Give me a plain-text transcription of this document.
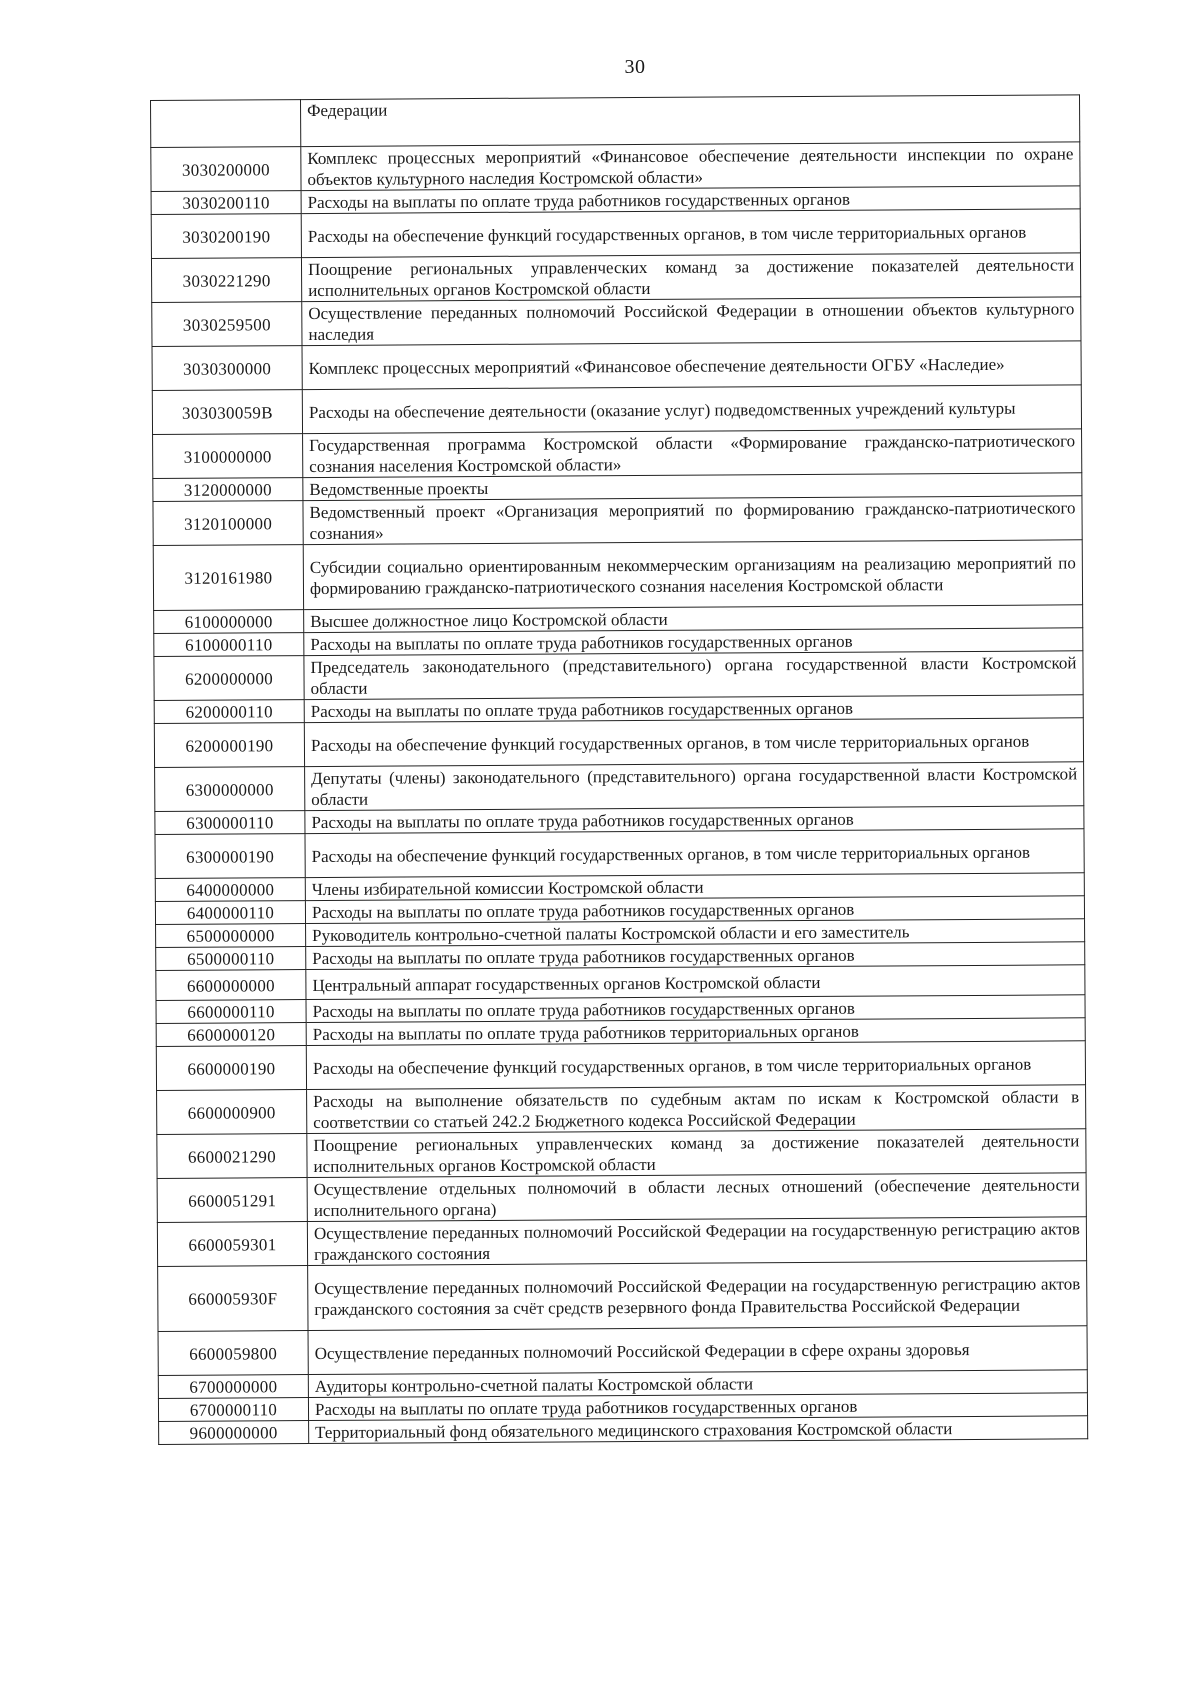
30
	Федерации
3030200000	Комплекс процессных мероприятий «Финансовое обеспечение деятельности инспекции по охране объектов культурного наследия Костромской области»
3030200110	Расходы на выплаты по оплате труда работников государственных органов
3030200190	Расходы на обеспечение функций государственных органов, в том числе территориальных органов
3030221290	Поощрение региональных управленческих команд за достижение показателей деятельности исполнительных органов Костромской области
3030259500	Осуществление переданных полномочий Российской Федерации в отношении объектов культурного наследия
3030300000	Комплекс процессных мероприятий «Финансовое обеспечение деятельности ОГБУ «Наследие»
303030059В	Расходы на обеспечение деятельности (оказание услуг) подведомственных учреждений культуры
3100000000	Государственная программа Костромской области «Формирование гражданско-патриотического сознания населения Костромской области»
3120000000	Ведомственные проекты
3120100000	Ведомственный проект «Организация мероприятий по формированию гражданско-патриотического сознания»
3120161980	Субсидии социально ориентированным некоммерческим организациям на реализацию мероприятий по формированию гражданско-патриотического сознания населения Костромской области
6100000000	Высшее должностное лицо Костромской области
6100000110	Расходы на выплаты по оплате труда работников государственных органов
6200000000	Председатель законодательного (представительного) органа государственной власти Костромской области
6200000110	Расходы на выплаты по оплате труда работников государственных органов
6200000190	Расходы на обеспечение функций государственных органов, в том числе территориальных органов
6300000000	Депутаты (члены) законодательного (представительного) органа государственной власти Костромской области
6300000110	Расходы на выплаты по оплате труда работников государственных органов
6300000190	Расходы на обеспечение функций государственных органов, в том числе территориальных органов
6400000000	Члены избирательной комиссии Костромской области
6400000110	Расходы на выплаты по оплате труда работников государственных органов
6500000000	Руководитель контрольно-счетной палаты Костромской области и его заместитель
6500000110	Расходы на выплаты по оплате труда работников государственных органов
6600000000	Центральный аппарат государственных органов Костромской области
6600000110	Расходы на выплаты по оплате труда работников государственных органов
6600000120	Расходы на выплаты по оплате труда работников территориальных органов
6600000190	Расходы на обеспечение функций государственных органов, в том числе территориальных органов
6600000900	Расходы на выполнение обязательств по судебным актам по искам к Костромской области в соответствии со статьей 242.2 Бюджетного кодекса Российской Федерации
6600021290	Поощрение региональных управленческих команд за достижение показателей деятельности исполнительных органов Костромской области
6600051291	Осуществление отдельных полномочий в области лесных отношений (обеспечение деятельности исполнительного органа)
6600059301	Осуществление переданных полномочий Российской Федерации на государственную регистрацию актов гражданского состояния
660005930F	Осуществление переданных полномочий Российской Федерации на государственную регистрацию актов гражданского состояния за счёт средств резервного фонда Правительства Российской Федерации
6600059800	Осуществление переданных полномочий Российской Федерации в сфере охраны здоровья
6700000000	Аудиторы контрольно-счетной палаты Костромской области
6700000110	Расходы на выплаты по оплате труда работников государственных органов
9600000000	Территориальный фонд обязательного медицинского страхования Костромской области
